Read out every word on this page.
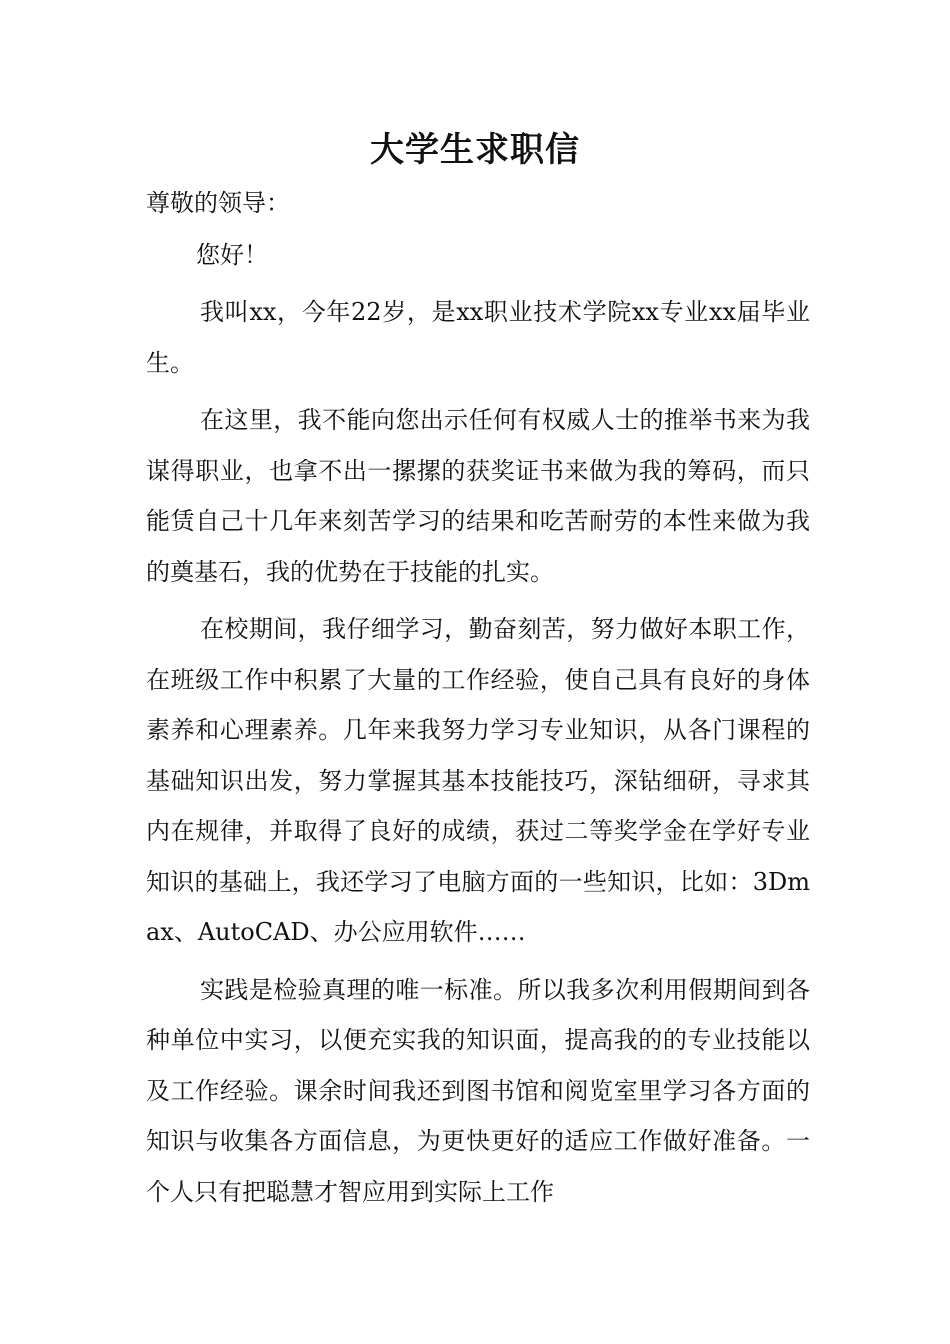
大学生求职信

尊敬的领导：

您好！

我叫xx，今年22岁，是xx职业技术学院xx专业xx届毕业生。

在这里，我不能向您出示任何有权威人士的推举书来为我谋得职业，也拿不出一摞摞的获奖证书来做为我的筹码，而只能赁自己十几年来刻苦学习的结果和吃苦耐劳的本性来做为我的奠基石，我的优势在于技能的扎实。

在校期间，我仔细学习，勤奋刻苦，努力做好本职工作，在班级工作中积累了大量的工作经验，使自己具有良好的身体素养和心理素养。几年来我努力学习专业知识，从各门课程的基础知识出发，努力掌握其基本技能技巧，深钻细研，寻求其内在规律，并取得了良好的成绩，获过二等奖学金在学好专业知识的基础上，我还学习了电脑方面的一些知识，比如：3Dmax、AutoCAD、办公应用软件……

实践是检验真理的唯一标准。所以我多次利用假期间到各种单位中实习，以便充实我的知识面，提高我的的专业技能以及工作经验。课余时间我还到图书馆和阅览室里学习各方面的知识与收集各方面信息，为更快更好的适应工作做好准备。一个人只有把聪慧才智应用到实际上工作
